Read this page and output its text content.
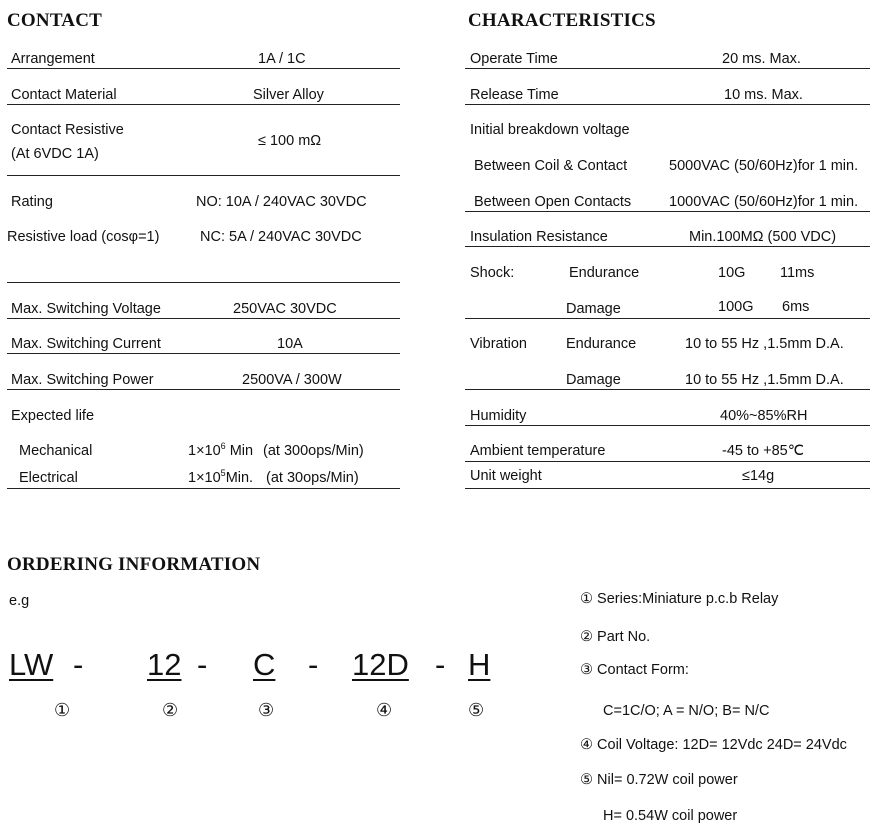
CONTACT
Arrangement	1A / 1C
Contact Material	Silver Alloy
Contact Resistive
(At 6VDC 1A)
≤ 100 mΩ
Rating	NO: 10A / 240VAC 30VDC
Resistive load (cosφ=1)	NC: 5A / 240VAC 30VDC
Max. Switching Voltage	250VAC 30VDC
Max. Switching Current	10A
Max. Switching Power	2500VA / 300W
Expected life
Mechanical	$1\times 10^6$ Min (at 300ops/Min)
Electrical	$1\times 10^5Min$. (at 30ops/Min)
CHARACTERISTICS
Operate Time	20 ms. Max.
Release Time	10 ms. Max.
Initial breakdown voltage
Between Coil & Contact	5000VAC (50/60Hz)for 1 min.
Between Open Contacts	1000VAC (50/60Hz)for 1 min.
Insulation Resistance	Min.100MΩ (500 VDC)
Shock:	Endurance	10G 11ms
Damage	100G 6ms
Vibration	Endurance	10 to 55 Hz ,1.5mm D.A.
Damage	10 to 55 Hz ,1.5mm D.A.
Humidity	40%~85%RH
Ambient temperature	-45 to +85℃
Unit weight	≤14g
ORDERING INFORMATION
e.g
LW - 12 - C - 12D - H
①	②	③	④	⑤
① Series:Miniature p.c.b Relay
② Part No.
③ Contact Form:
C=1C/O; A = N/O; B= N/C
④ Coil Voltage: 12D= 12Vdc 24D= 24Vdc
⑤ Nil= 0.72W coil power
H= 0.54W coil power
